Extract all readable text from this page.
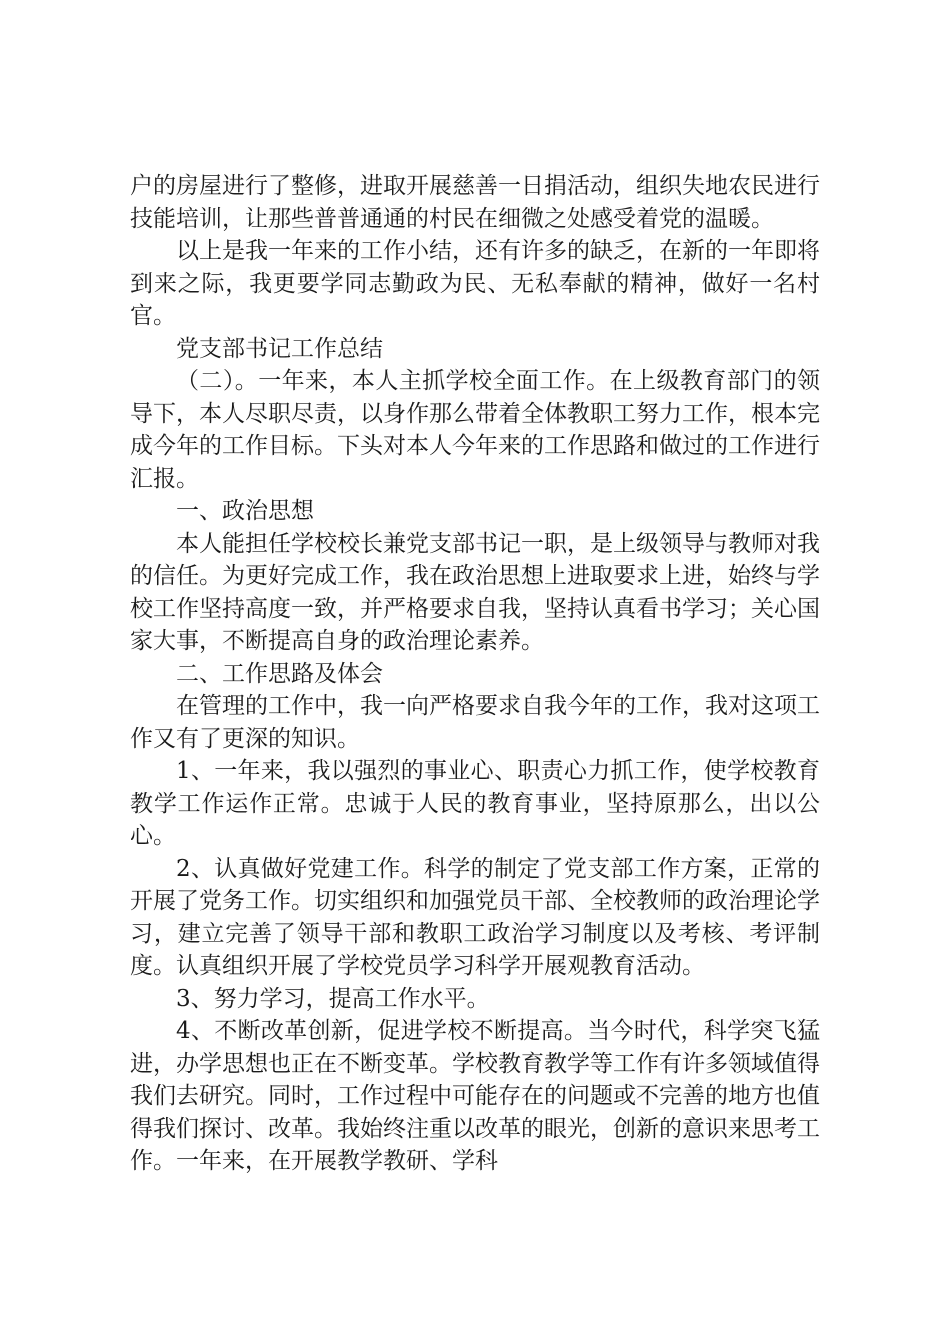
户的房屋进行了整修，进取开展慈善一日捐活动，组织失地农民进行技能培训，让那些普普通通的村民在细微之处感受着党的温暖。

以上是我一年来的工作小结，还有许多的缺乏，在新的一年即将到来之际，我更要学同志勤政为民、无私奉献的精神，做好一名村官。

党支部书记工作总结

（二）。一年来，本人主抓学校全面工作。在上级教育部门的领导下，本人尽职尽责，以身作那么带着全体教职工努力工作，根本完成今年的工作目标。下头对本人今年来的工作思路和做过的工作进行汇报。

一、政治思想

本人能担任学校校长兼党支部书记一职，是上级领导与教师对我的信任。为更好完成工作，我在政治思想上进取要求上进，始终与学校工作坚持高度一致，并严格要求自我，坚持认真看书学习；关心国家大事，不断提高自身的政治理论素养。

二、工作思路及体会

在管理的工作中，我一向严格要求自我今年的工作，我对这项工作又有了更深的知识。

1、一年来，我以强烈的事业心、职责心力抓工作，使学校教育教学工作运作正常。忠诚于人民的教育事业，坚持原那么，出以公心。

2、认真做好党建工作。科学的制定了党支部工作方案，正常的开展了党务工作。切实组织和加强党员干部、全校教师的政治理论学习，建立完善了领导干部和教职工政治学习制度以及考核、考评制度。认真组织开展了学校党员学习科学开展观教育活动。

3、努力学习，提高工作水平。

4、不断改革创新，促进学校不断提高。当今时代，科学突飞猛进，办学思想也正在不断变革。学校教育教学等工作有许多领域值得我们去研究。同时，工作过程中可能存在的问题或不完善的地方也值得我们探讨、改革。我始终注重以改革的眼光，创新的意识来思考工作。一年来，在开展教学教研、学科
